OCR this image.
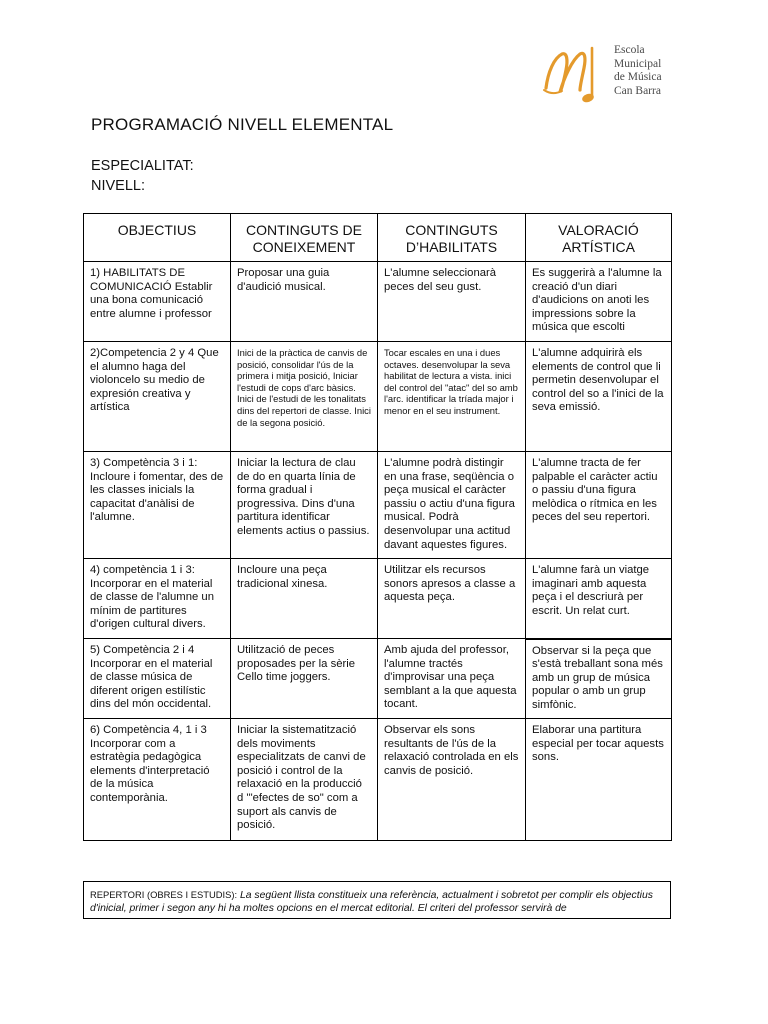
Escola
Municipal
de Música
Can Barra
PROGRAMACIÓ NIVELL ELEMENTAL
ESPECIALITAT:
NIVELL:
OBJECTIUS	CONTINGUTS DE CONEIXEMENT	CONTINGUTS D’HABILITATS	VALORACIÓ ARTÍSTICA
1) HABILITATS DE COMUNICACIÓ Establir una bona comunicació entre alumne i professor	Proposar una guia d'audició musical.	L'alumne seleccionarà peces del seu gust.	Es suggerirà a l'alumne la creació d'un diari d'audicions on anoti les impressions sobre la música que escolti
2)Competencia 2 y 4 Que el alumno haga del violoncelo su medio de expresión creativa y artística	Inici de la pràctica de canvis de posició, consolidar l'ús de la primera i mitja posició, Iniciar l'estudi de cops d'arc bàsics. Inici de l'estudi de les tonalitats dins del repertori de classe. Inici de la segona posició.	Tocar escales en una i dues octaves. desenvolupar la seva habilitat de lectura a vista. inici del control del "atac" del so amb l'arc. identificar la tríada major i menor en el seu instrument.	L'alumne adquirirà els elements de control que li permetin desenvolupar el control del so a l'inici de la seva emissió.
3) Competència 3 i 1: Incloure i fomentar, des de les classes inicials la capacitat d'anàlisi de l'alumne.	Iniciar la lectura de clau de do en quarta línia de forma gradual i progressiva. Dins d'una partitura identificar elements actius o passius.	L'alumne podrà distingir en una frase, seqüència o peça musical el caràcter passiu o actiu d'una figura musical. Podrà desenvolupar una actitud davant aquestes figures.	L'alumne tracta de fer palpable el caràcter actiu o passiu d'una figura melòdica o rítmica en les peces del seu repertori.
4) competència 1 i 3: Incorporar en el material de classe de l'alumne un mínim de partitures d'origen cultural divers.	Incloure una peça tradicional xinesa.	Utilitzar els recursos sonors apresos a classe a aquesta peça.	L'alumne farà un viatge imaginari amb aquesta peça i el descriurà per escrit. Un relat curt.
5) Competència 2 i 4 Incorporar en el material de classe música de diferent origen estilístic dins del món occidental.	Utilització de peces proposades per la sèrie Cello time joggers.	Amb ajuda del professor, l'alumne tractés d'improvisar una peça semblant a la que aquesta tocant.	Observar si la peça que s'està treballant sona més amb un grup de música popular o amb un grup simfònic.
6) Competència 4, 1 i 3 Incorporar com a estratègia pedagògica elements d'interpretació de la música contemporània.	Iniciar la sistematització dels moviments especialitzats de canvi de posició i control de la relaxació en la producció d '"efectes de so" com a suport als canvis de posició.	Observar els sons resultants de l'ús de la relaxació controlada en els canvis de posició.	Elaborar una partitura especial per tocar aquests sons.
REPERTORI (OBRES I ESTUDIS): La següent llista constitueix una referència, actualment i sobretot per complir els objectius d'inicial, primer i segon any hi ha moltes opcions en el mercat editorial. El criteri del professor servirà de
